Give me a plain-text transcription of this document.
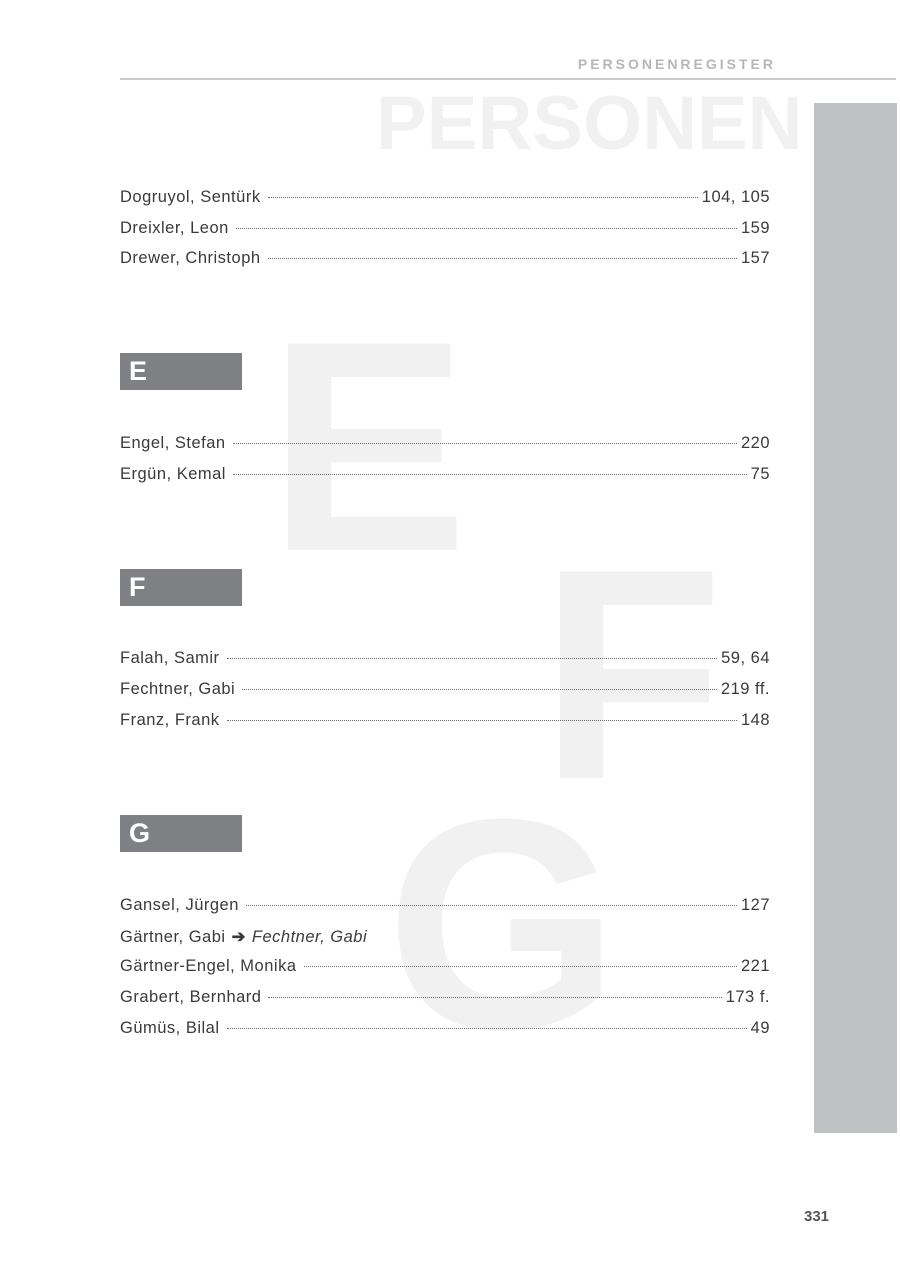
PERSONENREGISTER
PERSONEN
E
F
G
Dogruyol, Sentürk	104, 105
Dreixler, Leon	159
Drewer, Christoph	157
E
Engel, Stefan	220
Ergün, Kemal	75
F
Falah, Samir	59, 64
Fechtner, Gabi	219 ff.
Franz, Frank	148
G
Gansel, Jürgen	127
Gärtner, Gabi ➔ Fechtner, Gabi
Gärtner-Engel, Monika	221
Grabert, Bernhard	173 f.
Gümüs, Bilal	49
331
